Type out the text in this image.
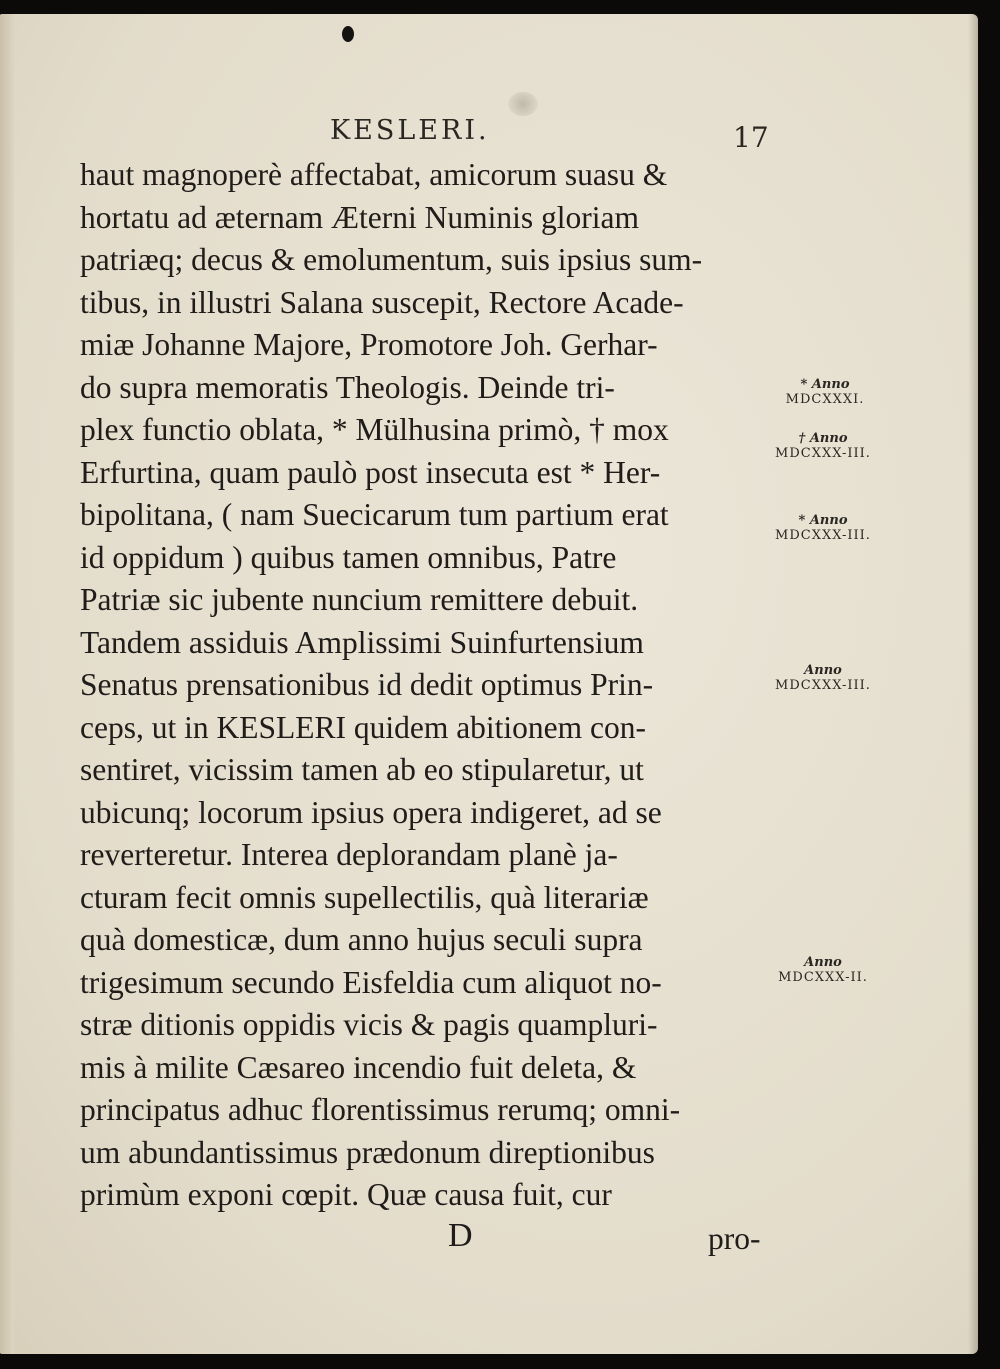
KESLERI.	17
haut magnoperè affectabat, amicorum suasu &
hortatu ad æternam Æterni Numinis gloriam
patriæq; decus & emolumentum, suis ipsius sum-
tibus, in illustri Salana suscepit, Rectore Acade-
miæ Johanne Majore, Promotore Joh. Gerhar-
do supra memoratis Theologis. Deinde tri-
plex functio oblata, * Mülhusina primò, † mox
Erfurtina, quam paulò post insecuta est * Her-
bipolitana, ( nam Suecicarum tum partium erat
id oppidum ) quibus tamen omnibus, Patre
Patriæ sic jubente nuncium remittere debuit.
Tandem assiduis Amplissimi Suinfurtensium
Senatus prensationibus id dedit optimus Prin-
ceps, ut in KESLERI quidem abitionem con-
sentiret, vicissim tamen ab eo stipularetur, ut
ubicunq; locorum ipsius opera indigeret, ad se
reverteretur. Interea deplorandam planè ja-
cturam fecit omnis supellectilis, quà literariæ
quà domesticæ, dum anno hujus seculi supra
trigesimum secundo Eisfeldia cum aliquot no-
stræ ditionis oppidis vicis & pagis quampluri-
mis à milite Cæsareo incendio fuit deleta, &
principatus adhuc florentissimus rerumq; omni-
um abundantissimus prædonum direptionibus
primùm exponi cœpit. Quæ causa fuit, cur
* Anno
MDCXXXI.
† Anno
MDCXXX-III.
* Anno
MDCXXX-III.
Anno
MDCXXX-III.
Anno
MDCXXX-II.
D	pro-
